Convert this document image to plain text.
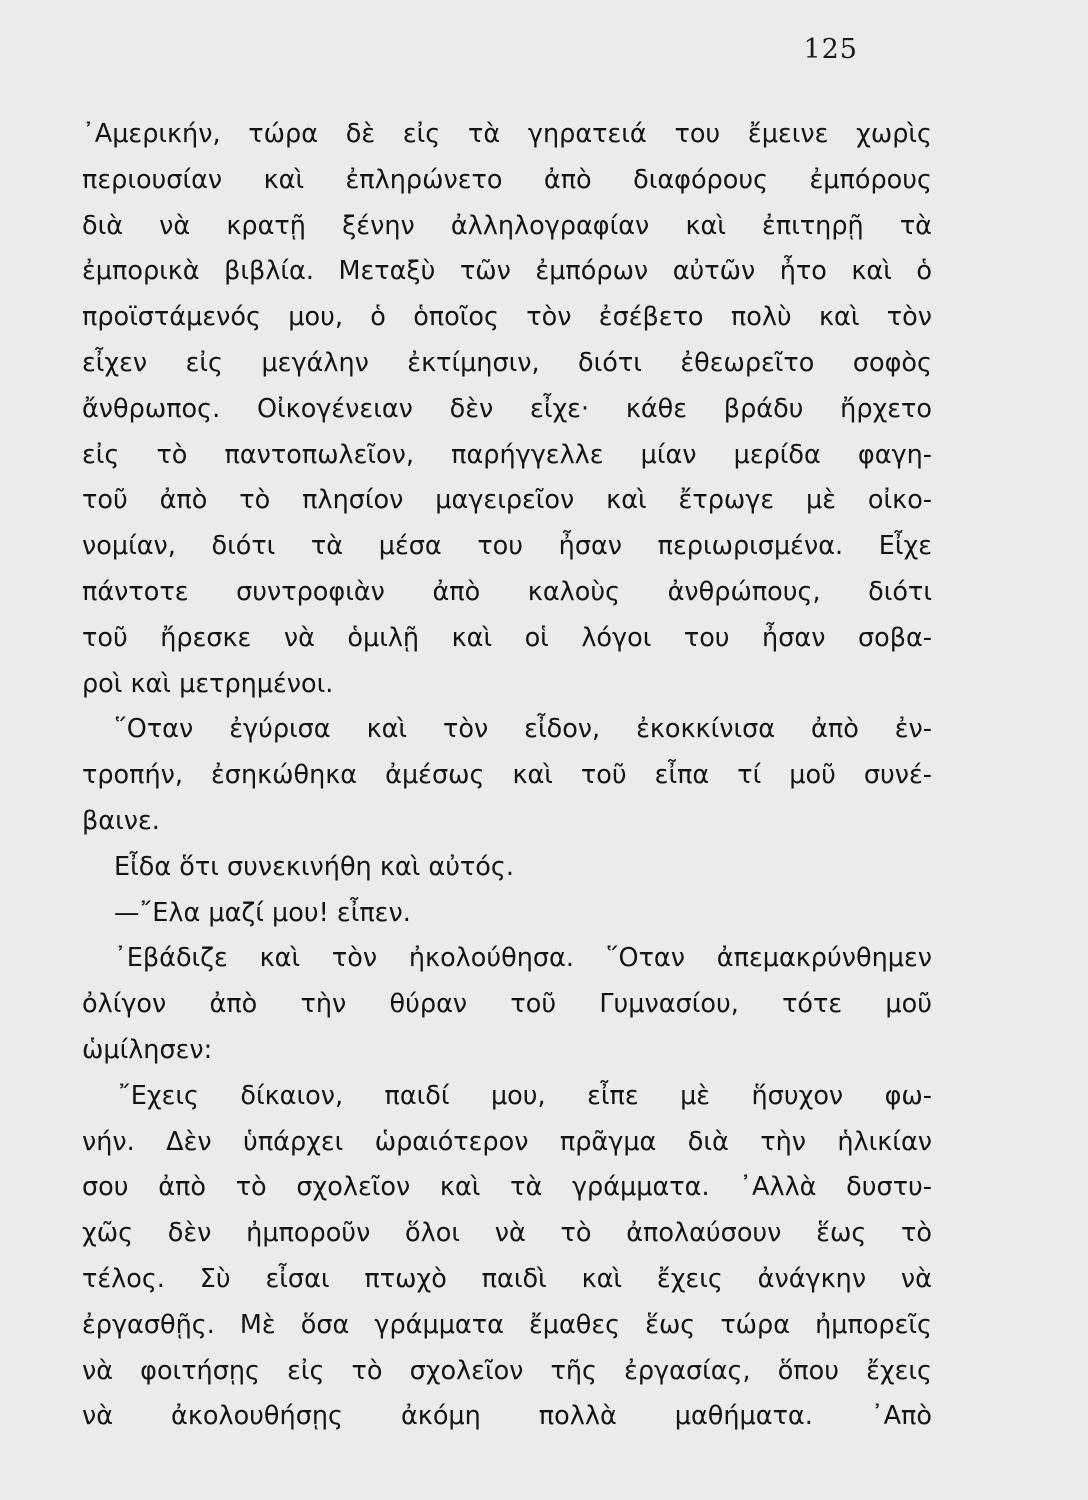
125
᾿Αμερικήν, τώρα δὲ εἰς τὰ γηρατειά του ἔμεινε χωρὶς
περιουσίαν καὶ ἐπληρώνετο ἀπὸ διαφόρους ἐμπόρους
διὰ νὰ κρατῇ ξένην ἀλληλογραφίαν καὶ ἐπιτηρῇ τὰ
ἐμπορικὰ βιβλία. Μεταξὺ τῶν ἐμπόρων αὐτῶν ἦτο καὶ ὁ
προϊστάμενός μου, ὁ ὁποῖος τὸν ἐσέβετο πολὺ καὶ τὸν
εἶχεν εἰς μεγάλην ἐκτίμησιν, διότι ἐθεωρεῖτο σοφὸς
ἄνθρωπος. Οἰκογένειαν δὲν εἶχε· κάθε βράδυ ἤρχετο
εἰς τὸ παντοπωλεῖον, παρήγγελλε μίαν μερίδα φαγη-
τοῦ ἀπὸ τὸ πλησίον μαγειρεῖον καὶ ἔτρωγε μὲ οἰκο-
νομίαν, διότι τὰ μέσα του ἦσαν περιωρισμένα. Εἶχε
πάντοτε συντροφιὰν ἀπὸ καλοὺς ἀνθρώπους, διότι
τοῦ ἤρεσκε νὰ ὁμιλῇ καὶ οἱ λόγοι του ἦσαν σοβα-
ροὶ καὶ μετρημένοι.
῞Οταν ἐγύρισα καὶ τὸν εἶδον, ἐκοκκίνισα ἀπὸ ἐν-
τροπήν, ἐσηκώθηκα ἀμέσως καὶ τοῦ εἶπα τί μοῦ συνέ-
βαινε.
Εἶδα ὅτι συνεκινήθη καὶ αὐτός.
—῎Ελα μαζί μου! εἶπεν.
᾿Εβάδιζε καὶ τὸν ἠκολούθησα. ῞Οταν ἀπεμακρύνθημεν
ὀλίγον ἀπὸ τὴν θύραν τοῦ Γυμνασίου, τότε μοῦ
ὡμίλησεν:
῎Εχεις δίκαιον, παιδί μου, εἶπε μὲ ἥσυχον φω-
νήν. Δὲν ὑπάρχει ὡραιότερον πρᾶγμα διὰ τὴν ἡλικίαν
σου ἀπὸ τὸ σχολεῖον καὶ τὰ γράμματα. ᾿Αλλὰ δυστυ-
χῶς δὲν ἠμποροῦν ὅλοι νὰ τὸ ἀπολαύσουν ἕως τὸ
τέλος. Σὺ εἶσαι πτωχὸ παιδὶ καὶ ἔχεις ἀνάγκην νὰ
ἐργασθῇς. Μὲ ὅσα γράμματα ἔμαθες ἕως τώρα ἠμπορεῖς
νὰ φοιτήσῃς εἰς τὸ σχολεῖον τῆς ἐργασίας, ὅπου ἔχεις
νὰ ἀκολουθήσῃς ἀκόμη πολλὰ μαθήματα. ᾿Απὸ
